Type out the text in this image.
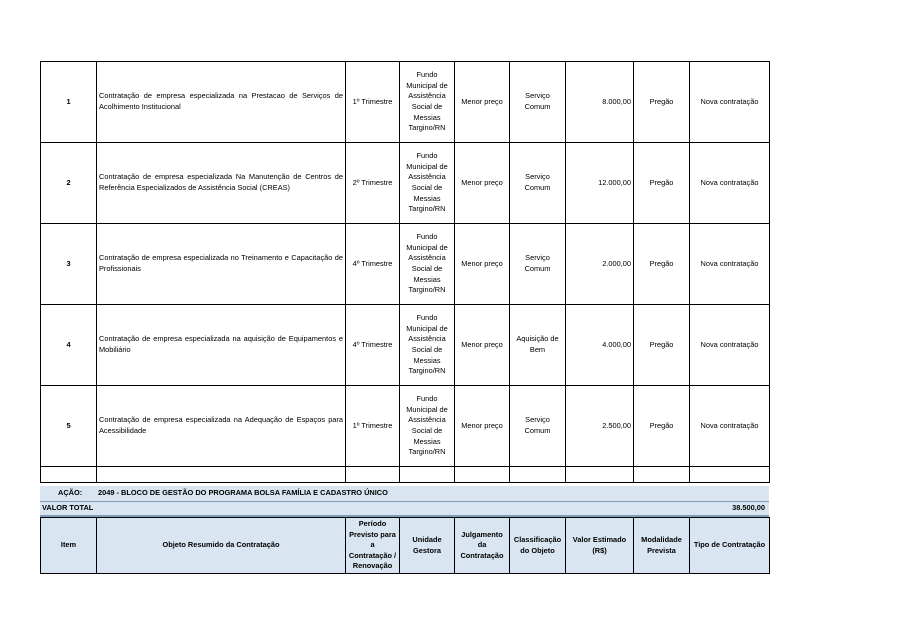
1	Contratação de empresa especializada na Prestacao de Serviços de Acolhimento Institucional	1º Trimestre	Fundo Municipal de Assistência Social de Messias Targino/RN	Menor preço	Serviço Comum	8.000,00	Pregão	Nova contratação
2	Contratação de empresa especializada Na Manutenção de Centros de Referência Especializados de Assistência Social (CREAS)	2º Trimestre	Fundo Municipal de Assistência Social de Messias Targino/RN	Menor preço	Serviço Comum	12.000,00	Pregão	Nova contratação
3	Contratação de empresa especializada no Treinamento e Capacitação de Profissionais	4º Trimestre	Fundo Municipal de Assistência Social de Messias Targino/RN	Menor preço	Serviço Comum	2.000,00	Pregão	Nova contratação
4	Contratação de empresa especializada na aquisição de Equipamentos e Mobiliário	4º Trimestre	Fundo Municipal de Assistência Social de Messias Targino/RN	Menor preço	Aquisição de Bem	4.000,00	Pregão	Nova contratação
5	Contratação de empresa especializada na Adequação de Espaços para Acessibilidade	1º Trimestre	Fundo Municipal de Assistência Social de Messias Targino/RN	Menor preço	Serviço Comum	2.500,00	Pregão	Nova contratação

AÇÃO: 2049 - BLOCO DE GESTÃO DO PROGRAMA BOLSA FAMÍLIA E CADASTRO ÚNICO
VALOR TOTAL	38.500,00
Item	Objeto Resumido da Contratação	Período Previsto para a Contratação / Renovação	Unidade Gestora	Julgamento da Contratação	Classificação do Objeto	Valor Estimado (R$)	Modalidade Prevista	Tipo de Contratação
